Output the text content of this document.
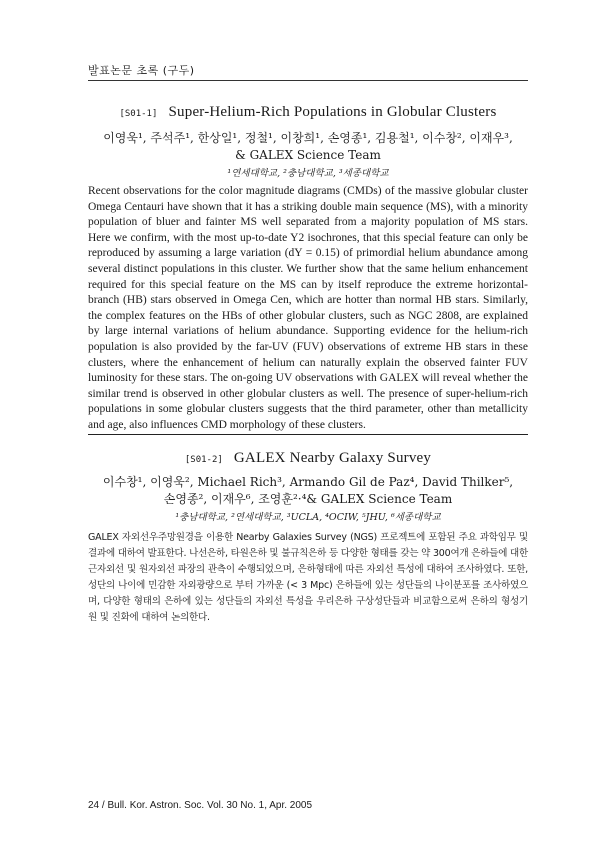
발표논문 초록 (구두)
[S01-1] Super-Helium-Rich Populations in Globular Clusters
이영욱¹, 주석주¹, 한상일¹, 정철¹, 이창희¹, 손영종¹, 김용철¹, 이수창², 이재우³,
& GALEX Science Team
¹연세대학교, ²충남대학교, ³세종대학교

Recent observations for the color magnitude diagrams (CMDs) of the massive globular cluster Omega Centauri have shown that it has a striking double main sequence (MS), with a minority population of bluer and fainter MS well separated from a majority population of MS stars. Here we confirm, with the most up-to-date Y2 isochrones, that this special feature can only be reproduced by assuming a large variation (dY = 0.15) of primordial helium abundance among several distinct populations in this cluster. We further show that the same helium enhancement required for this special feature on the MS can by itself reproduce the extreme horizontal-branch (HB) stars observed in Omega Cen, which are hotter than normal HB stars. Similarly, the complex features on the HBs of other globular clusters, such as NGC 2808, are explained by large internal variations of helium abundance. Supporting evidence for the helium-rich population is also provided by the far-UV (FUV) observations of extreme HB stars in these clusters, where the enhancement of helium can naturally explain the observed fainter FUV luminosity for these stars. The on-going UV observations with GALEX will reveal whether the similar trend is observed in other globular clusters as well. The presence of super-helium-rich populations in some globular clusters suggests that the third parameter, other than metallicity and age, also influences CMD morphology of these clusters.

[S01-2] GALEX Nearby Galaxy Survey
이수창¹, 이영욱², Michael Rich³, Armando Gil de Paz⁴, David Thilker⁵,
손영종², 이재우⁶, 조영훈²·⁴& GALEX Science Team
¹충남대학교, ²연세대학교, ³UCLA, ⁴OCIW, ⁵JHU, ⁶세종대학교

GALEX 자외선우주망원경을 이용한 Nearby Galaxies Survey (NGS) 프로젝트에 포함된 주요 과학임무 및 결과에 대하여 발표한다. 나선은하, 타원은하 및 불규칙은하 등 다양한 형태를 갖는 약 300여개 은하들에 대한 근자외선 및 원자외선 파장의 관측이 수행되었으며, 은하형태에 따른 자외선 특성에 대하여 조사하였다. 또한, 성단의 나이에 민감한 자외광량으로 부터 가까운 (< 3 Mpc) 은하들에 있는 성단들의 나이분포를 조사하였으며, 다양한 형태의 은하에 있는 성단들의 자외선 특성을 우리은하 구상성단들과 비교함으로써 은하의 형성기원 및 진화에 대하여 논의한다.

24 / Bull. Kor. Astron. Soc. Vol. 30 No. 1, Apr. 2005
